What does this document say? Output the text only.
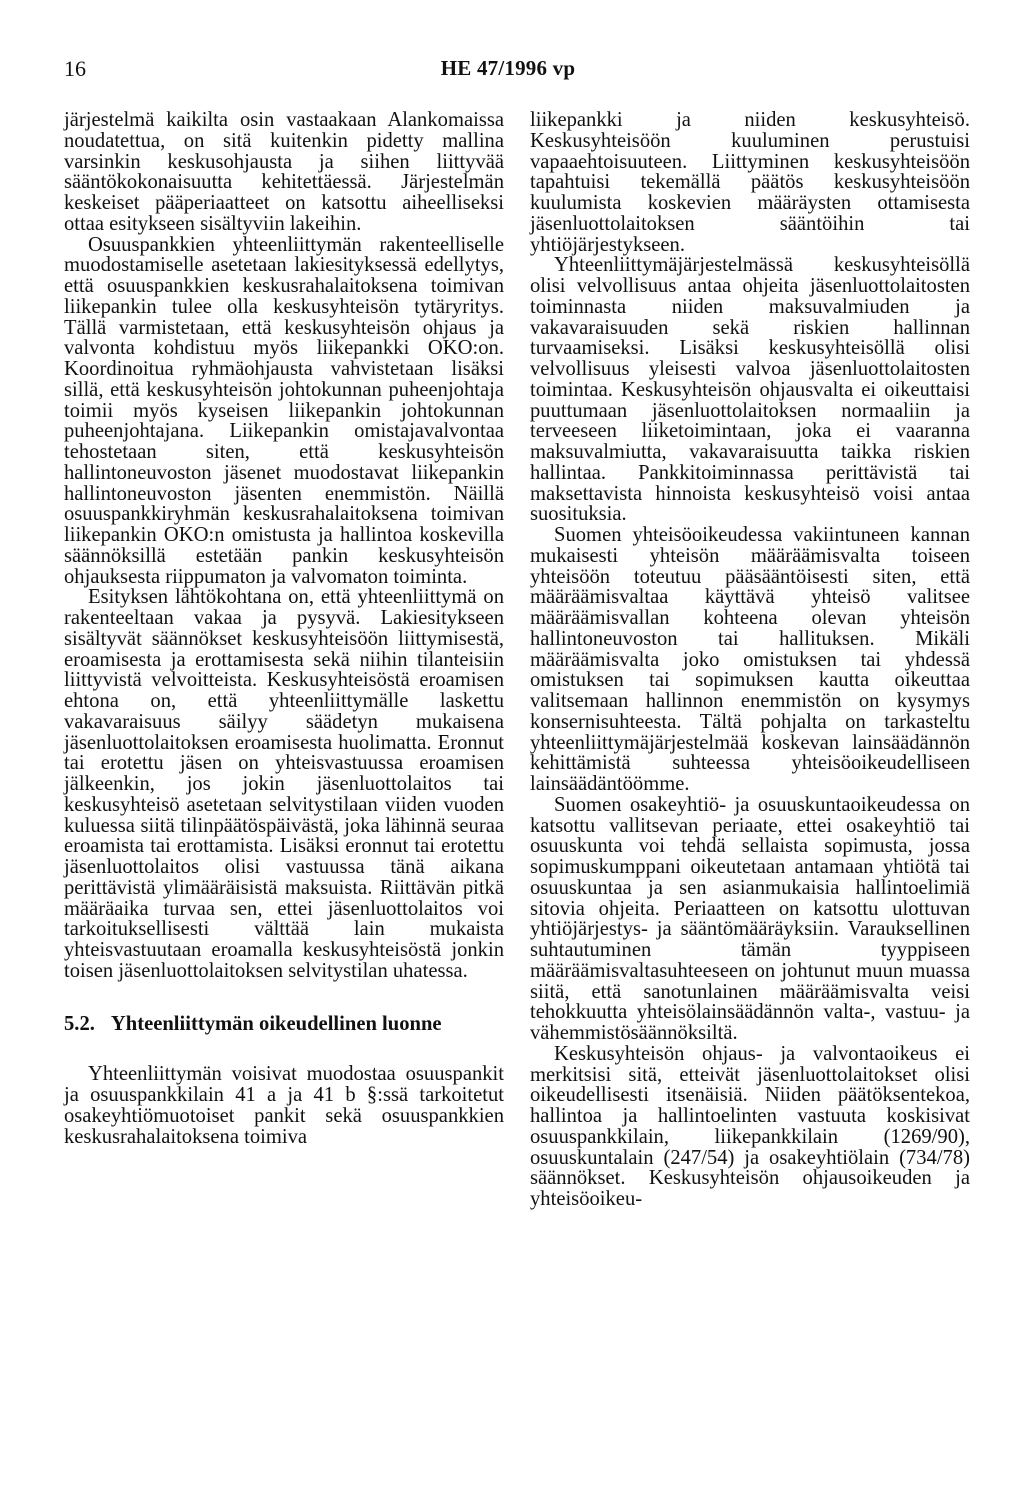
16	HE 47/1996 vp

järjestelmä kaikilta osin vastaakaan Alankomaissa noudatettua, on sitä kuitenkin pidetty mallina varsinkin keskusohjausta ja siihen liittyvää sääntökokonaisuutta kehitettäessä. Järjestelmän keskeiset pääperiaatteet on katsottu aiheelliseksi ottaa esitykseen sisältyviin lakeihin.

Osuuspankkien yhteenliittymän rakenteelliselle muodostamiselle asetetaan lakiesityksessä edellytys, että osuuspankkien keskusrahalaitoksena toimivan liikepankin tulee olla keskusyhteisön tytäryritys. Tällä varmistetaan, että keskusyhteisön ohjaus ja valvonta kohdistuu myös liikepankki OKO:on. Koordinoitua ryhmäohjausta vahvistetaan lisäksi sillä, että keskusyhteisön johtokunnan puheenjohtaja toimii myös kyseisen liikepankin johtokunnan puheenjohtajana. Liikepankin omistajavalvontaa tehostetaan siten, että keskusyhteisön hallintoneuvoston jäsenet muodostavat liikepankin hallintoneuvoston jäsenten enemmistön. Näillä osuuspankkiryhmän keskusrahalaitoksena toimivan liikepankin OKO:n omistusta ja hallintoa koskevilla säännöksillä estetään pankin keskusyhteisön ohjauksesta riippumaton ja valvomaton toiminta.

Esityksen lähtökohtana on, että yhteenliittymä on rakenteeltaan vakaa ja pysyvä. Lakiesitykseen sisältyvät säännökset keskusyhteisöön liittymisestä, eroamisesta ja erottamisesta sekä niihin tilanteisiin liittyvistä velvoitteista. Keskusyhteisöstä eroamisen ehtona on, että yhteenliittymälle laskettu vakavaraisuus säilyy säädetyn mukaisena jäsenluottolaitoksen eroamisesta huolimatta. Eronnut tai erotettu jäsen on yhteisvastuussa eroamisen jälkeenkin, jos jokin jäsenluottolaitos tai keskusyhteisö asetetaan selvitystilaan viiden vuoden kuluessa siitä tilinpäätöspäivästä, joka lähinnä seuraa eroamista tai erottamista. Lisäksi eronnut tai erotettu jäsenluottolaitos olisi vastuussa tänä aikana perittävistä ylimääräisistä maksuista. Riittävän pitkä määräaika turvaa sen, ettei jäsenluottolaitos voi tarkoituksellisesti välttää lain mukaista yhteisvastuutaan eroamalla keskusyhteisöstä jonkin toisen jäsenluottolaitoksen selvitystilan uhatessa.

5.2. Yhteenliittymän oikeudellinen luonne

Yhteenliittymän voisivat muodostaa osuuspankit ja osuuspankkilain 41 a ja 41 b §:ssä tarkoitetut osakeyhtiömuotoiset pankit sekä osuuspankkien keskusrahalaitoksena toimiva

liikepankki ja niiden keskusyhteisö. Keskusyhteisöön kuuluminen perustuisi vapaaehtoisuuteen. Liittyminen keskusyhteisöön tapahtuisi tekemällä päätös keskusyhteisöön kuulumista koskevien määräysten ottamisesta jäsenluottolaitoksen sääntöihin tai yhtiöjärjestykseen.

Yhteenliittymäjärjestelmässä keskusyhteisöllä olisi velvollisuus antaa ohjeita jäsenluottolaitosten toiminnasta niiden maksuvalmiuden ja vakavaraisuuden sekä riskien hallinnan turvaamiseksi. Lisäksi keskusyhteisöllä olisi velvollisuus yleisesti valvoa jäsenluottolaitosten toimintaa. Keskusyhteisön ohjausvalta ei oikeuttaisi puuttumaan jäsenluottolaitoksen normaaliin ja terveeseen liiketoimintaan, joka ei vaaranna maksuvalmiutta, vakavaraisuutta taikka riskien hallintaa. Pankkitoiminnassa perittävistä tai maksettavista hinnoista keskusyhteisö voisi antaa suosituksia.

Suomen yhteisöoikeudessa vakiintuneen kannan mukaisesti yhteisön määräämisvalta toiseen yhteisöön toteutuu pääsääntöisesti siten, että määräämisvaltaa käyttävä yhteisö valitsee määräämisvallan kohteena olevan yhteisön hallintoneuvoston tai hallituksen. Mikäli määräämisvalta joko omistuksen tai yhdessä omistuksen tai sopimuksen kautta oikeuttaa valitsemaan hallinnon enemmistön on kysymys konsernisuhteesta. Tältä pohjalta on tarkasteltu yhteenliittymäjärjestelmää koskevan lainsäädännön kehittämistä suhteessa yhteisöoikeudelliseen lainsäädäntöömme.

Suomen osakeyhtiö- ja osuuskuntaoikeudessa on katsottu vallitsevan periaate, ettei osakeyhtiö tai osuuskunta voi tehdä sellaista sopimusta, jossa sopimuskumppani oikeutetaan antamaan yhtiötä tai osuuskuntaa ja sen asianmukaisia hallintoelimiä sitovia ohjeita. Periaatteen on katsottu ulottuvan yhtiöjärjestys- ja sääntömääräyksiin. Varauksellinen suhtautuminen tämän tyyppiseen määräämisvaltasuhteeseen on johtunut muun muassa siitä, että sanotunlainen määräämisvalta veisi tehokkuutta yhteisölainsäädännön valta-, vastuu- ja vähemmistösäännöksiltä.

Keskusyhteisön ohjaus- ja valvontaoikeus ei merkitsisi sitä, etteivät jäsenluottolaitokset olisi oikeudellisesti itsenäisiä. Niiden päätöksentekoa, hallintoa ja hallintoelinten vastuuta koskisivat osuuspankkilain, liikepankkilain (1269/90), osuuskuntalain (247/54) ja osakeyhtiölain (734/78) säännökset. Keskusyhteisön ohjausoikeuden ja yhteisöoikeu-
